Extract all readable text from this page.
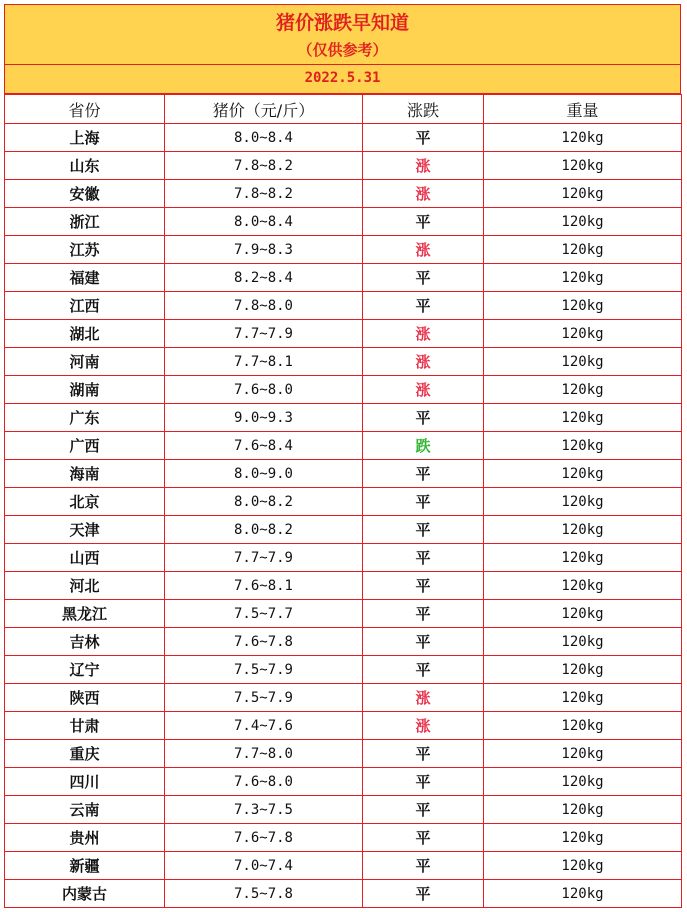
猪价涨跌早知道
（仅供参考）
2022.5.31
省份	猪价（元/斤）	涨跌	重量
上海	8.0~8.4	平	120kg
山东	7.8~8.2	涨	120kg
安徽	7.8~8.2	涨	120kg
浙江	8.0~8.4	平	120kg
江苏	7.9~8.3	涨	120kg
福建	8.2~8.4	平	120kg
江西	7.8~8.0	平	120kg
湖北	7.7~7.9	涨	120kg
河南	7.7~8.1	涨	120kg
湖南	7.6~8.0	涨	120kg
广东	9.0~9.3	平	120kg
广西	7.6~8.4	跌	120kg
海南	8.0~9.0	平	120kg
北京	8.0~8.2	平	120kg
天津	8.0~8.2	平	120kg
山西	7.7~7.9	平	120kg
河北	7.6~8.1	平	120kg
黑龙江	7.5~7.7	平	120kg
吉林	7.6~7.8	平	120kg
辽宁	7.5~7.9	平	120kg
陕西	7.5~7.9	涨	120kg
甘肃	7.4~7.6	涨	120kg
重庆	7.7~8.0	平	120kg
四川	7.6~8.0	平	120kg
云南	7.3~7.5	平	120kg
贵州	7.6~7.8	平	120kg
新疆	7.0~7.4	平	120kg
内蒙古	7.5~7.8	平	120kg
